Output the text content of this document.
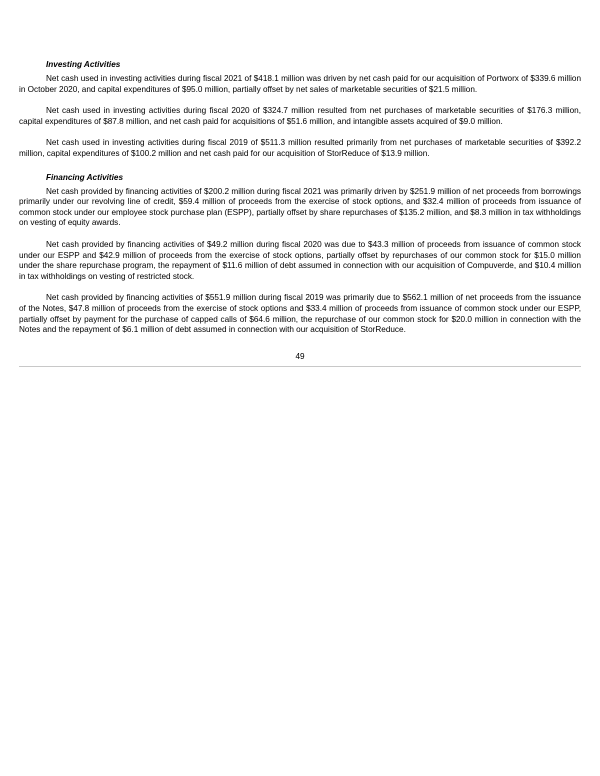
Investing Activities

Net cash used in investing activities during fiscal 2021 of $418.1 million was driven by net cash paid for our acquisition of Portworx of $339.6 million in October 2020, and capital expenditures of $95.0 million, partially offset by net sales of marketable securities of $21.5 million.

Net cash used in investing activities during fiscal 2020 of $324.7 million resulted from net purchases of marketable securities of $176.3 million, capital expenditures of $87.8 million, and net cash paid for acquisitions of $51.6 million, and intangible assets acquired of $9.0 million.

Net cash used in investing activities during fiscal 2019 of $511.3 million resulted primarily from net purchases of marketable securities of $392.2 million, capital expenditures of $100.2 million and net cash paid for our acquisition of StorReduce of $13.9 million.

Financing Activities

Net cash provided by financing activities of $200.2 million during fiscal 2021 was primarily driven by $251.9 million of net proceeds from borrowings primarily under our revolving line of credit, $59.4 million of proceeds from the exercise of stock options, and $32.4 million of proceeds from issuance of common stock under our employee stock purchase plan (ESPP), partially offset by share repurchases of $135.2 million, and $8.3 million in tax withholdings on vesting of equity awards.

Net cash provided by financing activities of $49.2 million during fiscal 2020 was due to $43.3 million of proceeds from issuance of common stock under our ESPP and $42.9 million of proceeds from the exercise of stock options, partially offset by repurchases of our common stock for $15.0 million under the share repurchase program, the repayment of $11.6 million of debt assumed in connection with our acquisition of Compuverde, and $10.4 million in tax withholdings on vesting of restricted stock.

Net cash provided by financing activities of $551.9 million during fiscal 2019 was primarily due to $562.1 million of net proceeds from the issuance of the Notes, $47.8 million of proceeds from the exercise of stock options and $33.4 million of proceeds from issuance of common stock under our ESPP, partially offset by payment for the purchase of capped calls of $64.6 million, the repurchase of our common stock for $20.0 million in connection with the Notes and the repayment of $6.1 million of debt assumed in connection with our acquisition of StorReduce.

49
